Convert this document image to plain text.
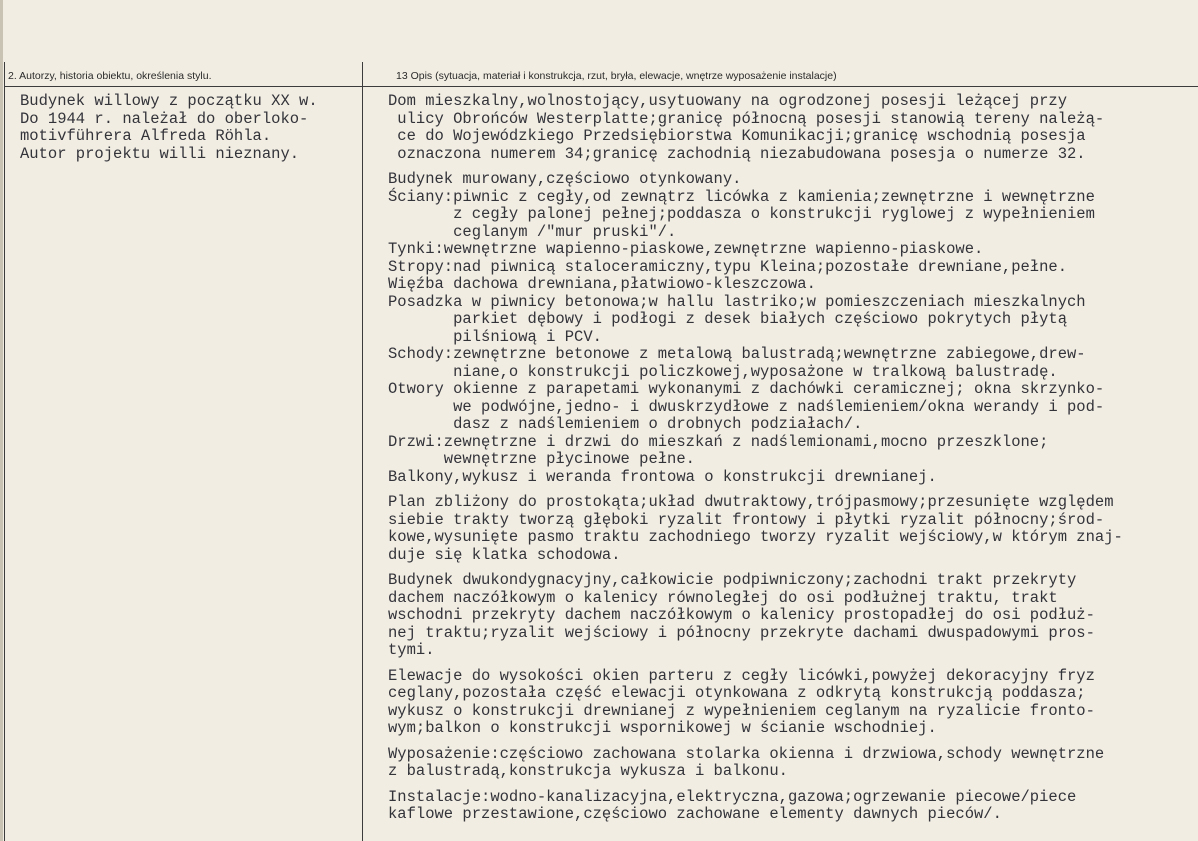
2. Autorzy, historia obiektu, określenia stylu.	13 Opis (sytuacja, materiał i konstrukcja, rzut, bryła, elewacje, wnętrze wyposażenie instalacje)

Budynek willowy z początku XX w.

Do 1944 r. należał do oberloko-

motivführera Alfreda Röhla.

Autor projektu willi nieznany.

Dom mieszkalny,wolnostojący,usytuowany na ogrodzonej posesji leżącej przy

ulicy Obrońców Westerplatte;granicę północną posesji stanowią tereny należą-

ce do Wojewódzkiego Przedsiębiorstwa Komunikacji;granicę wschodnią posesja

oznaczona numerem 34;granicę zachodnią niezabudowana posesja o numerze 32.

Budynek murowany,częściowo otynkowany.

Ściany:piwnic z cegły,od zewnątrz licówka z kamienia;zewnętrzne i wewnętrzne

z cegły palonej pełnej;poddasza o konstrukcji ryglowej z wypełnieniem

ceglanym /"mur pruski"/.

Tynki:wewnętrzne wapienno-piaskowe,zewnętrzne wapienno-piaskowe.

Stropy:nad piwnicą staloceramiczny,typu Kleina;pozostałe drewniane,pełne.

Więźba dachowa drewniana,płatwiowo-kleszczowa.

Posadzka w piwnicy betonowa;w hallu lastriko;w pomieszczeniach mieszkalnych

parkiet dębowy i podłogi z desek białych częściowo pokrytych płytą

pilśniową i PCV.

Schody:zewnętrzne betonowe z metalową balustradą;wewnętrzne zabiegowe,drew-

niane,o konstrukcji policzkowej,wyposażone w tralkową balustradę.

Otwory okienne z parapetami wykonanymi z dachówki ceramicznej; okna skrzynko-

we podwójne,jedno- i dwuskrzydłowe z nadślemieniem/okna werandy i pod-

dasz z nadślemieniem o drobnych podziałach/.

Drzwi:zewnętrzne i drzwi do mieszkań z nadślemionami,mocno przeszklone;

wewnętrzne płycinowe pełne.

Balkony,wykusz i weranda frontowa o konstrukcji drewnianej.

Plan zbliżony do prostokąta;układ dwutraktowy,trójpasmowy;przesunięte względem

siebie trakty tworzą głęboki ryzalit frontowy i płytki ryzalit północny;środ-

kowe,wysunięte pasmo traktu zachodniego tworzy ryzalit wejściowy,w którym znaj-

duje się klatka schodowa.

Budynek dwukondygnacyjny,całkowicie podpiwniczony;zachodni trakt przekryty

dachem naczółkowym o kalenicy równoległej do osi podłużnej traktu, trakt

wschodni przekryty dachem naczółkowym o kalenicy prostopadłej do osi podłuż-

nej traktu;ryzalit wejściowy i północny przekryte dachami dwuspadowymi pros-

tymi.

Elewacje do wysokości okien parteru z cegły licówki,powyżej dekoracyjny fryz

ceglany,pozostała część elewacji otynkowana z odkrytą konstrukcją poddasza;

wykusz o konstrukcji drewnianej z wypełnieniem ceglanym na ryzalicie fronto-

wym;balkon o konstrukcji wspornikowej w ścianie wschodniej.

Wyposażenie:częściowo zachowana stolarka okienna i drzwiowa,schody wewnętrzne

z balustradą,konstrukcja wykusza i balkonu.

Instalacje:wodno-kanalizacyjna,elektryczna,gazowa;ogrzewanie piecowe/piece

kaflowe przestawione,częściowo zachowane elementy dawnych pieców/.
